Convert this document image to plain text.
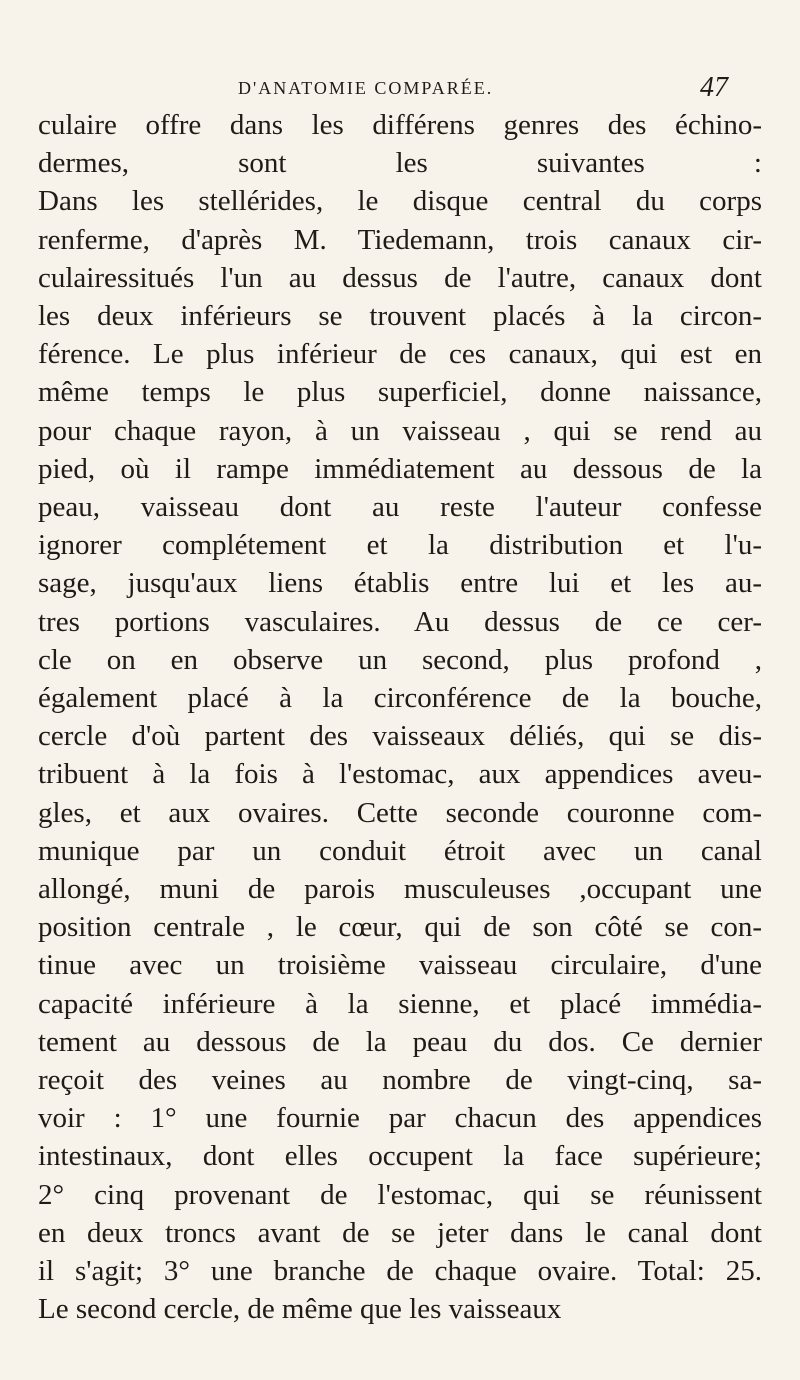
D'ANATOMIE COMPARÉE.	47

culaire offre dans les différens genres des échino-
dermes, sont les suivantes :
Dans les stellérides, le disque central du corps
renferme, d'après M. Tiedemann, trois canaux cir-
culairessitués l'un au dessus de l'autre, canaux dont
les deux inférieurs se trouvent placés à la circon-
férence. Le plus inférieur de ces canaux, qui est en
même temps le plus superficiel, donne naissance,
pour chaque rayon, à un vaisseau , qui se rend au
pied, où il rampe immédiatement au dessous de la
peau, vaisseau dont au reste l'auteur confesse
ignorer complétement et la distribution et l'u-
sage, jusqu'aux liens établis entre lui et les au-
tres portions vasculaires. Au dessus de ce cer-
cle on en observe un second, plus profond ,
également placé à la circonférence de la bouche,
cercle d'où partent des vaisseaux déliés, qui se dis-
tribuent à la fois à l'estomac, aux appendices aveu-
gles, et aux ovaires. Cette seconde couronne com-
munique par un conduit étroit avec un canal
allongé, muni de parois musculeuses ,occupant une
position centrale , le cœur, qui de son côté se con-
tinue avec un troisième vaisseau circulaire, d'une
capacité inférieure à la sienne, et placé immédia-
tement au dessous de la peau du dos. Ce dernier
reçoit des veines au nombre de vingt-cinq, sa-
voir : 1° une fournie par chacun des appendices
intestinaux, dont elles occupent la face supérieure;
2° cinq provenant de l'estomac, qui se réunissent
en deux troncs avant de se jeter dans le canal dont
il s'agit; 3° une branche de chaque ovaire. Total: 25.
Le second cercle, de même que les vaisseaux
